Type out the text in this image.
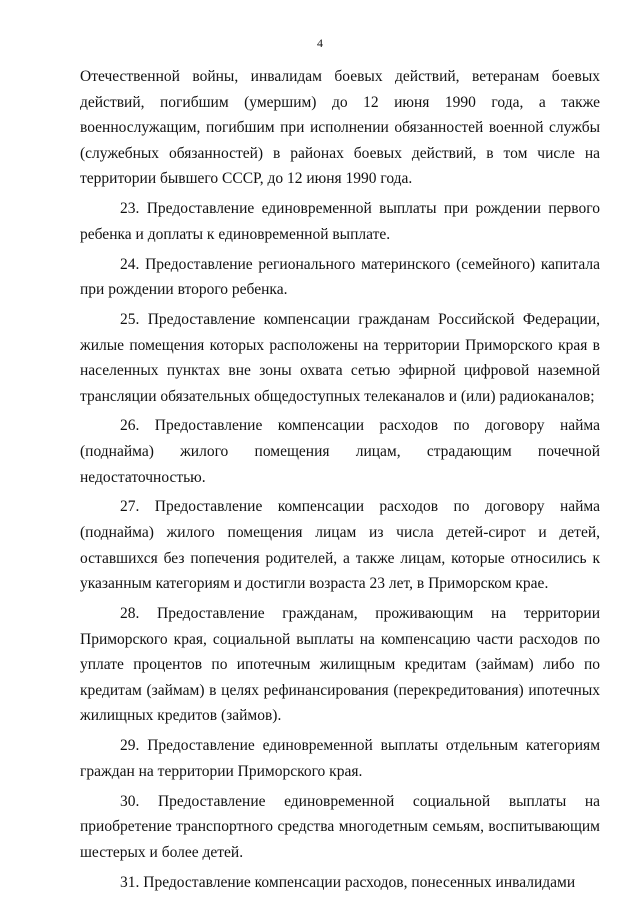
4

Отечественной войны, инвалидам боевых действий, ветеранам боевых действий, погибшим (умершим) до 12 июня 1990 года, а также военнослужащим, погибшим при исполнении обязанностей военной службы (служебных обязанностей) в районах боевых действий, в том числе на территории бывшего СССР, до 12 июня 1990 года.

23. Предоставление единовременной выплаты при рождении первого ребенка и доплаты к единовременной выплате.

24. Предоставление регионального материнского (семейного) капитала при рождении второго ребенка.

25. Предоставление компенсации гражданам Российской Федерации, жилые помещения которых расположены на территории Приморского края в населенных пунктах вне зоны охвата сетью эфирной цифровой наземной трансляции обязательных общедоступных телеканалов и (или) радиоканалов;

26. Предоставление компенсации расходов по договору найма (поднайма) жилого помещения лицам, страдающим почечной недостаточностью.

27. Предоставление компенсации расходов по договору найма (поднайма) жилого помещения лицам из числа детей-сирот и детей, оставшихся без попечения родителей, а также лицам, которые относились к указанным категориям и достигли возраста 23 лет, в Приморском крае.

28. Предоставление гражданам, проживающим на территории Приморского края, социальной выплаты на компенсацию части расходов по уплате процентов по ипотечным жилищным кредитам (займам) либо по кредитам (займам) в целях рефинансирования (перекредитования) ипотечных жилищных кредитов (займов).

29. Предоставление единовременной выплаты отдельным категориям граждан на территории Приморского края.

30. Предоставление единовременной социальной выплаты на приобретение транспортного средства многодетным семьям, воспитывающим шестерых и более детей.

31. Предоставление компенсации расходов, понесенных инвалидами
